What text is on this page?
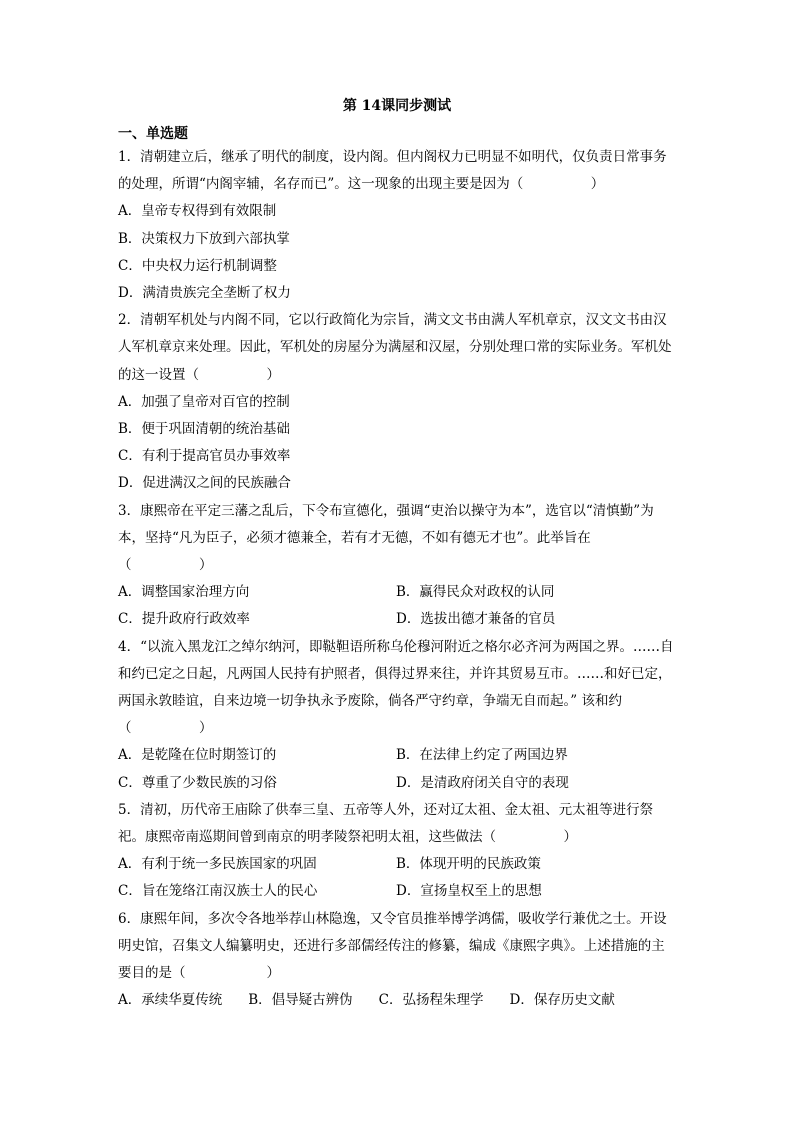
第 14课同步测试
一、单选题

1．清朝建立后，继承了明代的制度，设内阁。但内阁权力已明显不如明代，仅负责日常事务的处理，所谓“内阁宰辅，名存而已”。这一现象的出现主要是因为（　　　　　）

A．皇帝专权得到有效限制

B．决策权力下放到六部执掌

C．中央权力运行机制调整

D．满清贵族完全垄断了权力

2．清朝军机处与内阁不同，它以行政简化为宗旨，满文文书由满人军机章京，汉文文书由汉人军机章京来处理。因此，军机处的房屋分为满屋和汉屋，分别处理口常的实际业务。军机处的这一设置（　　　　　）

A．加强了皇帝对百官的控制

B．便于巩固清朝的统治基础

C．有利于提高官员办事效率

D．促进满汉之间的民族融合

3．康熙帝在平定三藩之乱后，下令布宣德化，强调“吏治以操守为本”，选官以“清慎勤”为本，坚持“凡为臣子，必须才德兼全，若有才无德，不如有德无才也”。此举旨在（　　　　　）

A．调整国家治理方向	B．赢得民众对政权的认同
C．提升政府行政效率	D．选拔出德才兼备的官员

4．“以流入黑龙江之绰尔纳河，即鞑靼语所称乌伦穆河附近之格尔必齐河为两国之界。……自和约已定之日起，凡两国人民持有护照者，俱得过界来往，并许其贸易互市。……和好已定，两国永敦睦谊，自来边境一切争执永予废除，倘各严守约章，争端无自而起。” 该和约（　　　　　）

A．是乾隆在位时期签订的	B．在法律上约定了两国边界
C．尊重了少数民族的习俗	D．是清政府闭关自守的表现

5．清初，历代帝王庙除了供奉三皇、五帝等人外，还对辽太祖、金太祖、元太祖等进行祭祀。康熙帝南巡期间曾到南京的明孝陵祭祀明太祖，这些做法（　　　　　）

A．有利于统一多民族国家的巩固	B．体现开明的民族政策
C．旨在笼络江南汉族士人的民心	D．宣扬皇权至上的思想

6．康熙年间，多次令各地举荐山林隐逸，又令官员推举博学鸿儒，吸收学行兼优之士。开设明史馆，召集文人编纂明史，还进行多部儒经传注的修纂，编成《康熙字典》。上述措施的主要目的是（　　　　　　）

A．承续华夏传统 B．倡导疑古辨伪 C．弘扬程朱理学 D．保存历史文献
